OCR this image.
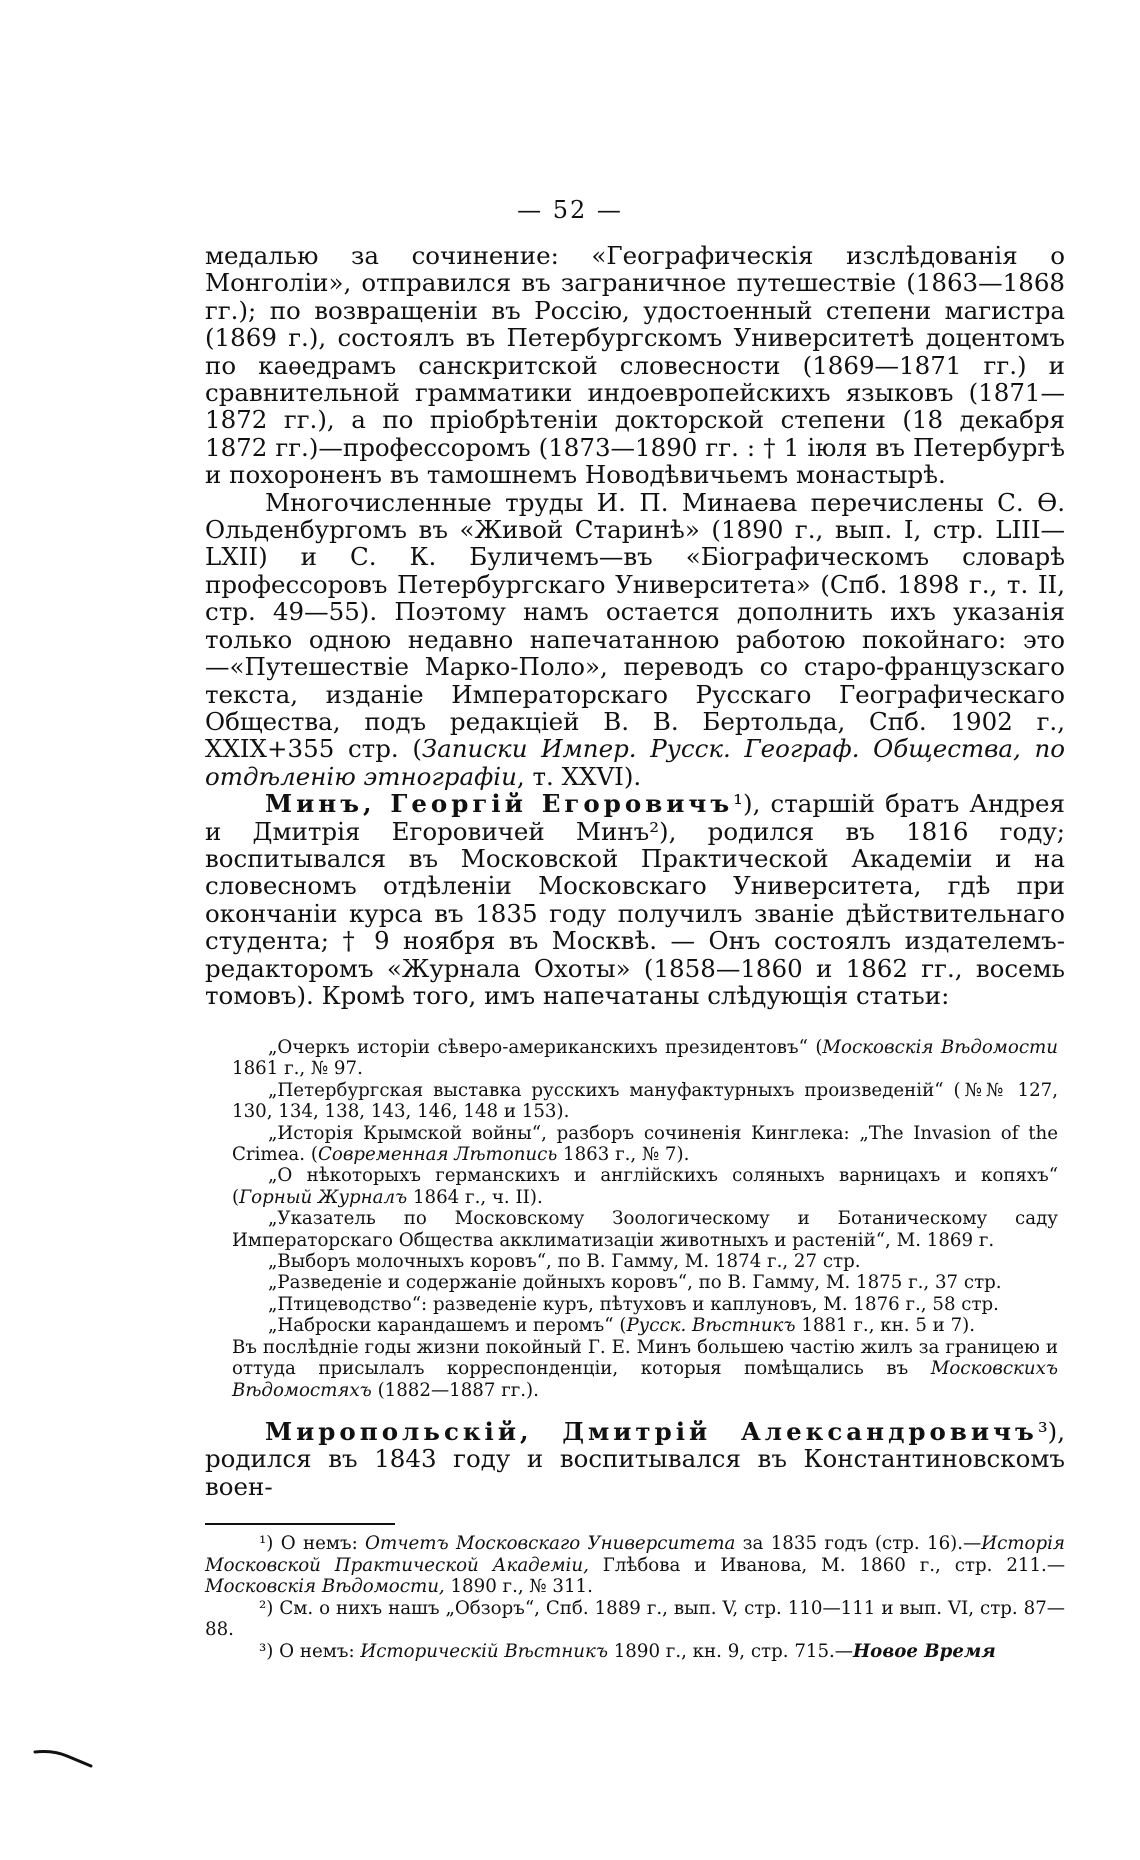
— 52 —

медалью за сочинение: «Географическія изслѣдованія о Монголіи», отправился въ заграничное путешествіе (1863—1868 гг.); по возвращеніи въ Россію, удостоенный степени магистра (1869 г.), состоялъ въ Петербургскомъ Университетѣ доцентомъ по каѳедрамъ санскритской словесности (1869—1871 гг.) и сравнительной грамматики индоевропейскихъ языковъ (1871—1872 гг.), а по пріобрѣтеніи докторской степени (18 декабря 1872 гг.)—профессоромъ (1873—1890 гг. : † 1 іюля въ Петербургѣ и похороненъ въ тамошнемъ Новодѣвичьемъ монастырѣ.

Многочисленные труды И. П. Минаева перечислены С. Ѳ. Ольденбургомъ въ «Живой Старинѣ» (1890 г., вып. I, стр. LIII—LXII) и С. К. Буличемъ—въ «Біографическомъ словарѣ профессоровъ Петербургскаго Университета» (Спб. 1898 г., т. II, стр. 49—55). Поэтому намъ остается дополнить ихъ указанія только одною недавно напечатанною работою покойнаго: это—«Путешествіе Марко-Поло», переводъ со старо-французскаго текста, изданіе Императорскаго Русскаго Географическаго Общества, подъ редакціей В. В. Бертольда, Спб. 1902 г., XXIX+355 стр. (Записки Импер. Русск. Географ. Общества, по отдѣленію этнографіи, т. XXVI).

Минъ, Георгій Егоровичъ¹), старшій братъ Андрея и Дмитрія Егоровичей Минъ²), родился въ 1816 году; воспитывался въ Московской Практической Академіи и на словесномъ отдѣленіи Московскаго Университета, гдѣ при окончаніи курса въ 1835 году получилъ званіе дѣйствительнаго студента; † 9 ноября въ Москвѣ. — Онъ состоялъ издателемъ-редакторомъ «Журнала Охоты» (1858—1860 и 1862 гг., восемь томовъ). Кромѣ того, имъ напечатаны слѣдующія статьи:

„Очеркъ исторіи сѣверо-американскихъ президентовъ“ (Московскія Вѣдомости 1861 г., № 97.

„Петербургская выставка русскихъ мануфактурныхъ произведеній“ (№№ 127, 130, 134, 138, 143, 146, 148 и 153).

„Исторія Крымской войны“, разборъ сочиненія Кинглека: „The Invasion of the Crimea. (Современная Лѣтопись 1863 г., № 7).

„О нѣкоторыхъ германскихъ и англійскихъ соляныхъ варницахъ и копяхъ“ (Горный Журналъ 1864 г., ч. II).

„Указатель по Московскому Зоологическому и Ботаническому саду Императорскаго Общества акклиматизаціи животныхъ и растеній“, М. 1869 г.

„Выборъ молочныхъ коровъ“, по В. Гамму, М. 1874 г., 27 стр.

„Разведеніе и содержаніе дойныхъ коровъ“, по В. Гамму, М. 1875 г., 37 стр.

„Птицеводство“: разведеніе куръ, пѣтуховъ и каплуновъ, М. 1876 г., 58 стр.

„Наброски карандашемъ и перомъ“ (Русск. Вѣстникъ 1881 г., кн. 5 и 7).

Въ послѣдніе годы жизни покойный Г. Е. Минъ большею частію жилъ за границею и оттуда присылалъ корреспонденціи, которыя помѣщались въ Московскихъ Вѣдомостяхъ (1882—1887 гг.).

Миропольскій, Дмитрій Александровичъ³), родился въ 1843 году и воспитывался въ Константиновскомъ воен-

¹) О немъ: Отчетъ Московскаго Университета за 1835 годъ (стр. 16).—Исторія Московской Практической Академіи, Глѣбова и Иванова, М. 1860 г., стр. 211.—Московскія Вѣдомости, 1890 г., № 311.

²) См. о нихъ нашъ „Обзоръ“, Спб. 1889 г., вып. V, стр. 110—111 и вып. VI, стр. 87—88.

³) О немъ: Историческій Вѣстникъ 1890 г., кн. 9, стр. 715.—Новое Время
